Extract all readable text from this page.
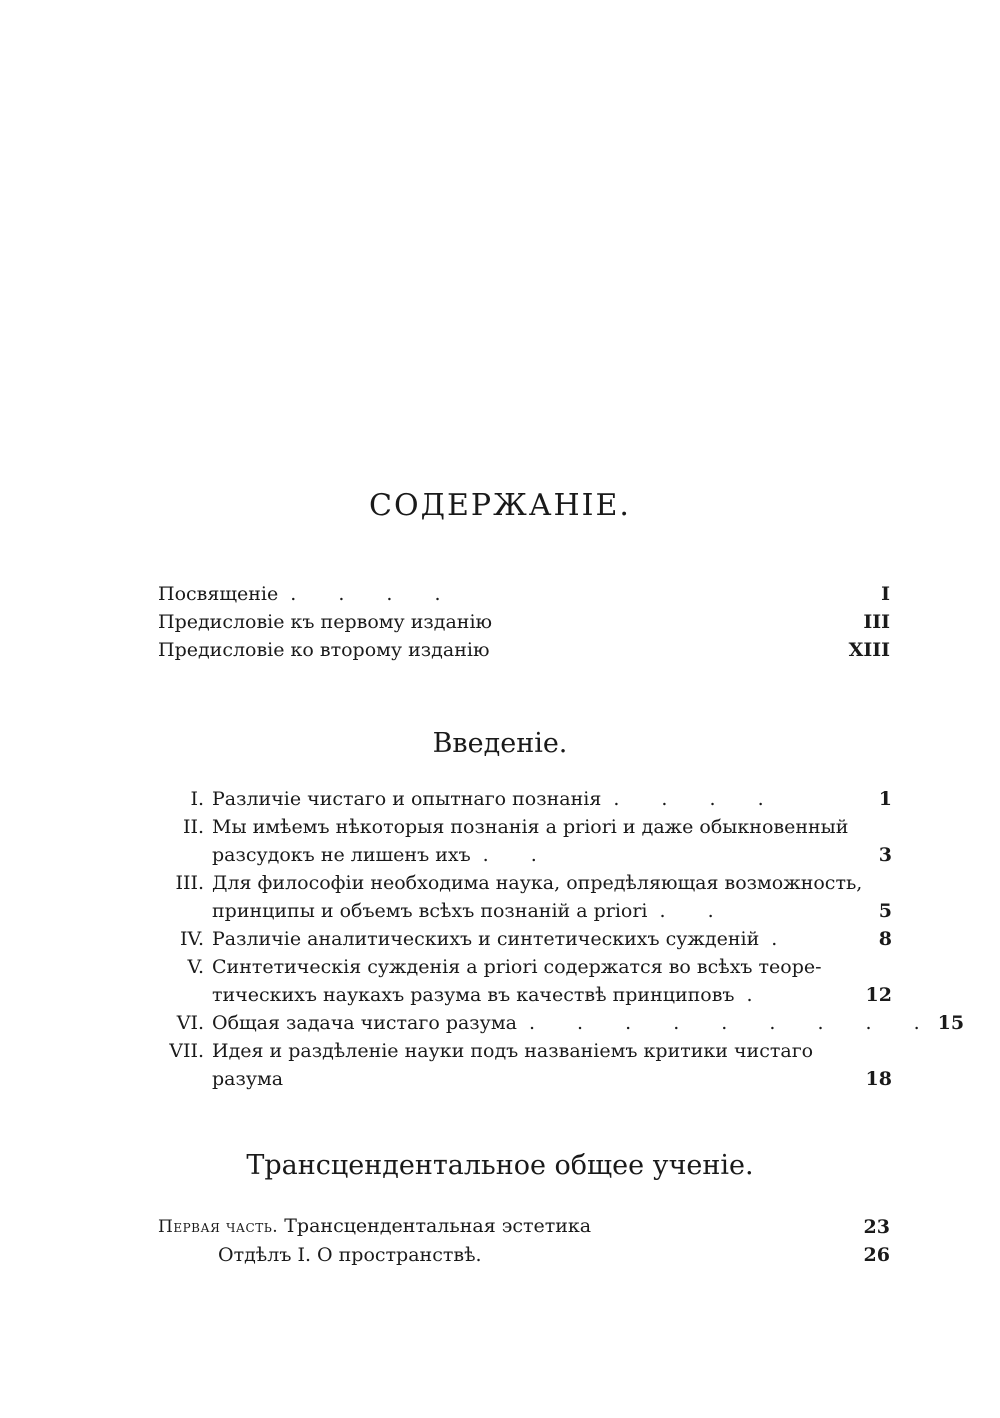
СОДЕРЖАНIЕ.
Посвященiе . . . .	I
Предисловiе къ первому изданiю	III
Предисловiе ко второму изданiю	XIII
Введенiе.
I. Различiе чистаго и опытнаго познанiя . . . .	1
II. Мы имѣемъ нѣкоторыя познанiя a priori и даже обыкновенный
разсудокъ не лишенъ ихъ . .	3
III. Для философiи необходима наука, опредѣляющая возможность,
принципы и объемъ всѣхъ познанiй a priori . .	5
IV. Различiе аналитическихъ и синтетическихъ сужденiй .	8
V. Синтетическiя сужденiя a priori содержатся во всѣхъ теоре-
тическихъ наукахъ разума въ качествѣ принциповъ .	12
VI. Общая задача чистаго разума . . . . . . . . . 15
VII. Идея и раздѣленiе науки подъ названiемъ критики чистаго
разума	18
Трансцендентальное общее ученiе.
Первая часть. Трансцендентальная эстетика	23
Отдѣлъ I. О пространствѣ.	26
